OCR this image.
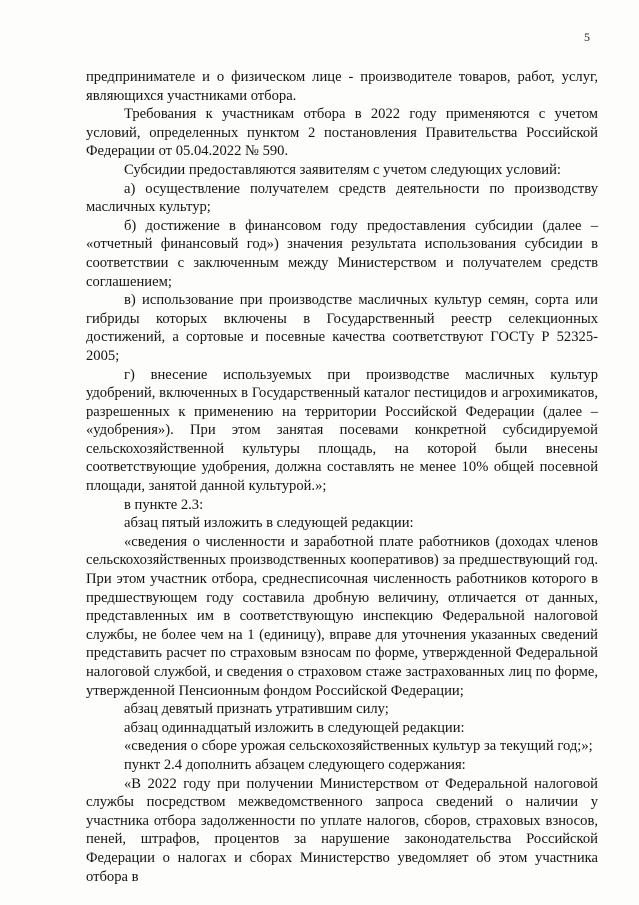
5

предпринимателе и о физическом лице - производителе товаров, работ, услуг, являющихся участниками отбора.

Требования к участникам отбора в 2022 году применяются с учетом условий, определенных пунктом 2 постановления Правительства Российской Федерации от 05.04.2022 № 590.

Субсидии предоставляются заявителям с учетом следующих условий:

а) осуществление получателем средств деятельности по производству масличных культур;

б) достижение в финансовом году предоставления субсидии (далее – «отчетный финансовый год») значения результата использования субсидии в соответствии с заключенным между Министерством и получателем средств соглашением;

в) использование при производстве масличных культур семян, сорта или гибриды которых включены в Государственный реестр селекционных достижений, а сортовые и посевные качества соответствуют ГОСТу Р 52325-2005;

г) внесение используемых при производстве масличных культур удобрений, включенных в Государственный каталог пестицидов и агрохимикатов, разрешенных к применению на территории Российской Федерации (далее – «удобрения»). При этом занятая посевами конкретной субсидируемой сельскохозяйственной культуры площадь, на которой были внесены соответствующие удобрения, должна составлять не менее 10% общей посевной площади, занятой данной культурой.»;

в пункте 2.3:

абзац пятый изложить в следующей редакции:

«сведения о численности и заработной плате работников (доходах членов сельскохозяйственных производственных кооперативов) за предшествующий год. При этом участник отбора, среднесписочная численность работников которого в предшествующем году составила дробную величину, отличается от данных, представленных им в соответствующую инспекцию Федеральной налоговой службы, не более чем на 1 (единицу), вправе для уточнения указанных сведений представить расчет по страховым взносам по форме, утвержденной Федеральной налоговой службой, и сведения о страховом стаже застрахованных лиц по форме, утвержденной Пенсионным фондом Российской Федерации;

абзац девятый признать утратившим силу;

абзац одиннадцатый изложить в следующей редакции:

«сведения о сборе урожая сельскохозяйственных культур за текущий год;»;

пункт 2.4 дополнить абзацем следующего содержания:

«В 2022 году при получении Министерством от Федеральной налоговой службы посредством межведомственного запроса сведений о наличии у участника отбора задолженности по уплате налогов, сборов, страховых взносов, пеней, штрафов, процентов за нарушение законодательства Российской Федерации о налогах и сборах Министерство уведомляет об этом участника отбора в
